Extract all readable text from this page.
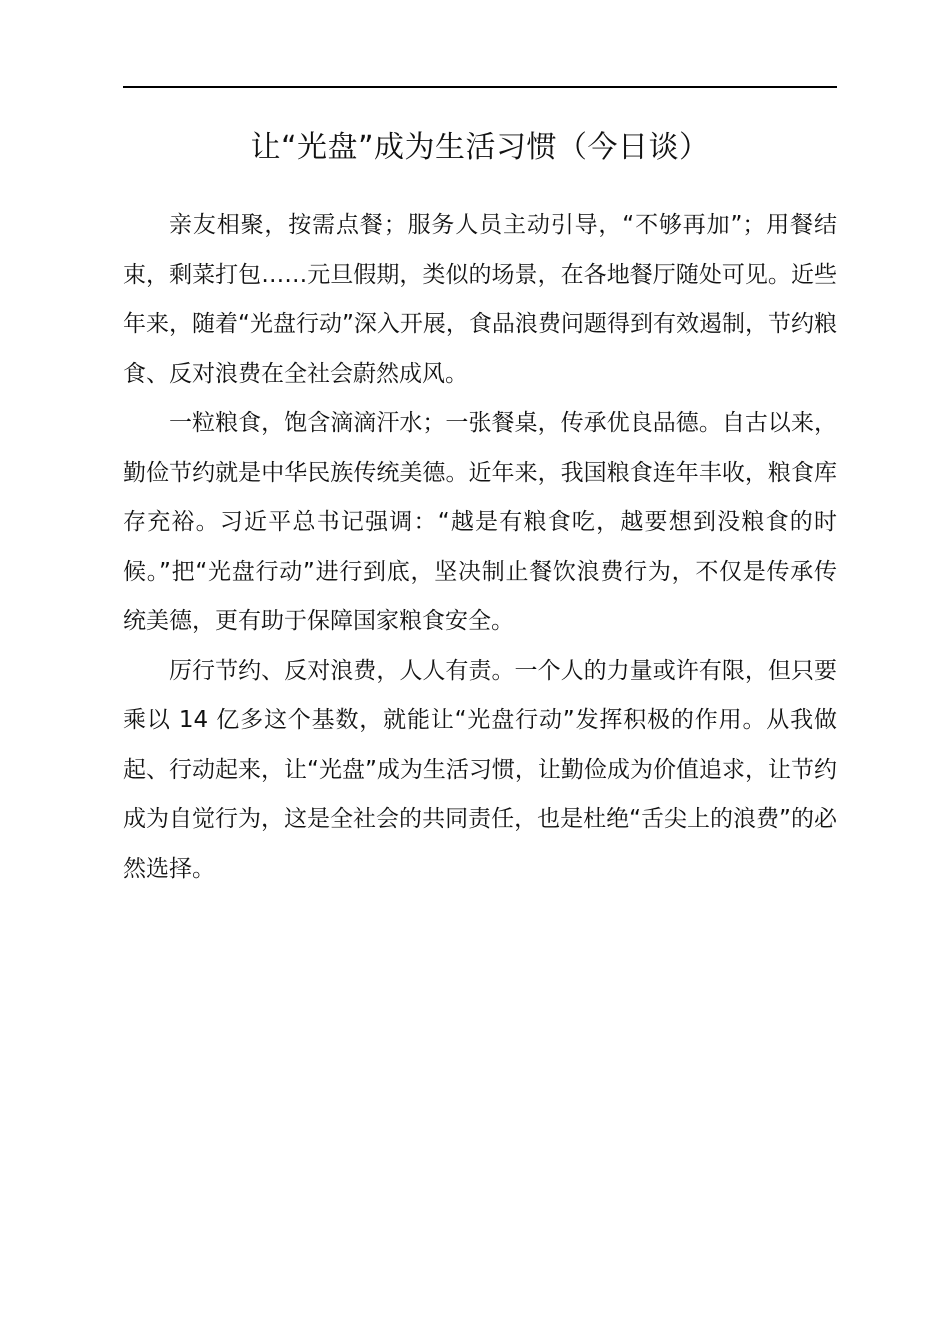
让“光盘”成为生活习惯（今日谈）

亲友相聚，按需点餐；服务人员主动引导，“不够再加”；用餐结束，剩菜打包……元旦假期，类似的场景，在各地餐厅随处可见。近些年来，随着“光盘行动”深入开展，食品浪费问题得到有效遏制，节约粮食、反对浪费在全社会蔚然成风。

一粒粮食，饱含滴滴汗水；一张餐桌，传承优良品德。自古以来，勤俭节约就是中华民族传统美德。近年来，我国粮食连年丰收，粮食库存充裕。习近平总书记强调：“越是有粮食吃，越要想到没粮食的时候。”把“光盘行动”进行到底，坚决制止餐饮浪费行为，不仅是传承传统美德，更有助于保障国家粮食安全。

厉行节约、反对浪费，人人有责。一个人的力量或许有限，但只要乘以 14 亿多这个基数，就能让“光盘行动”发挥积极的作用。从我做起、行动起来，让“光盘”成为生活习惯，让勤俭成为价值追求，让节约成为自觉行为，这是全社会的共同责任，也是杜绝“舌尖上的浪费”的必然选择。
